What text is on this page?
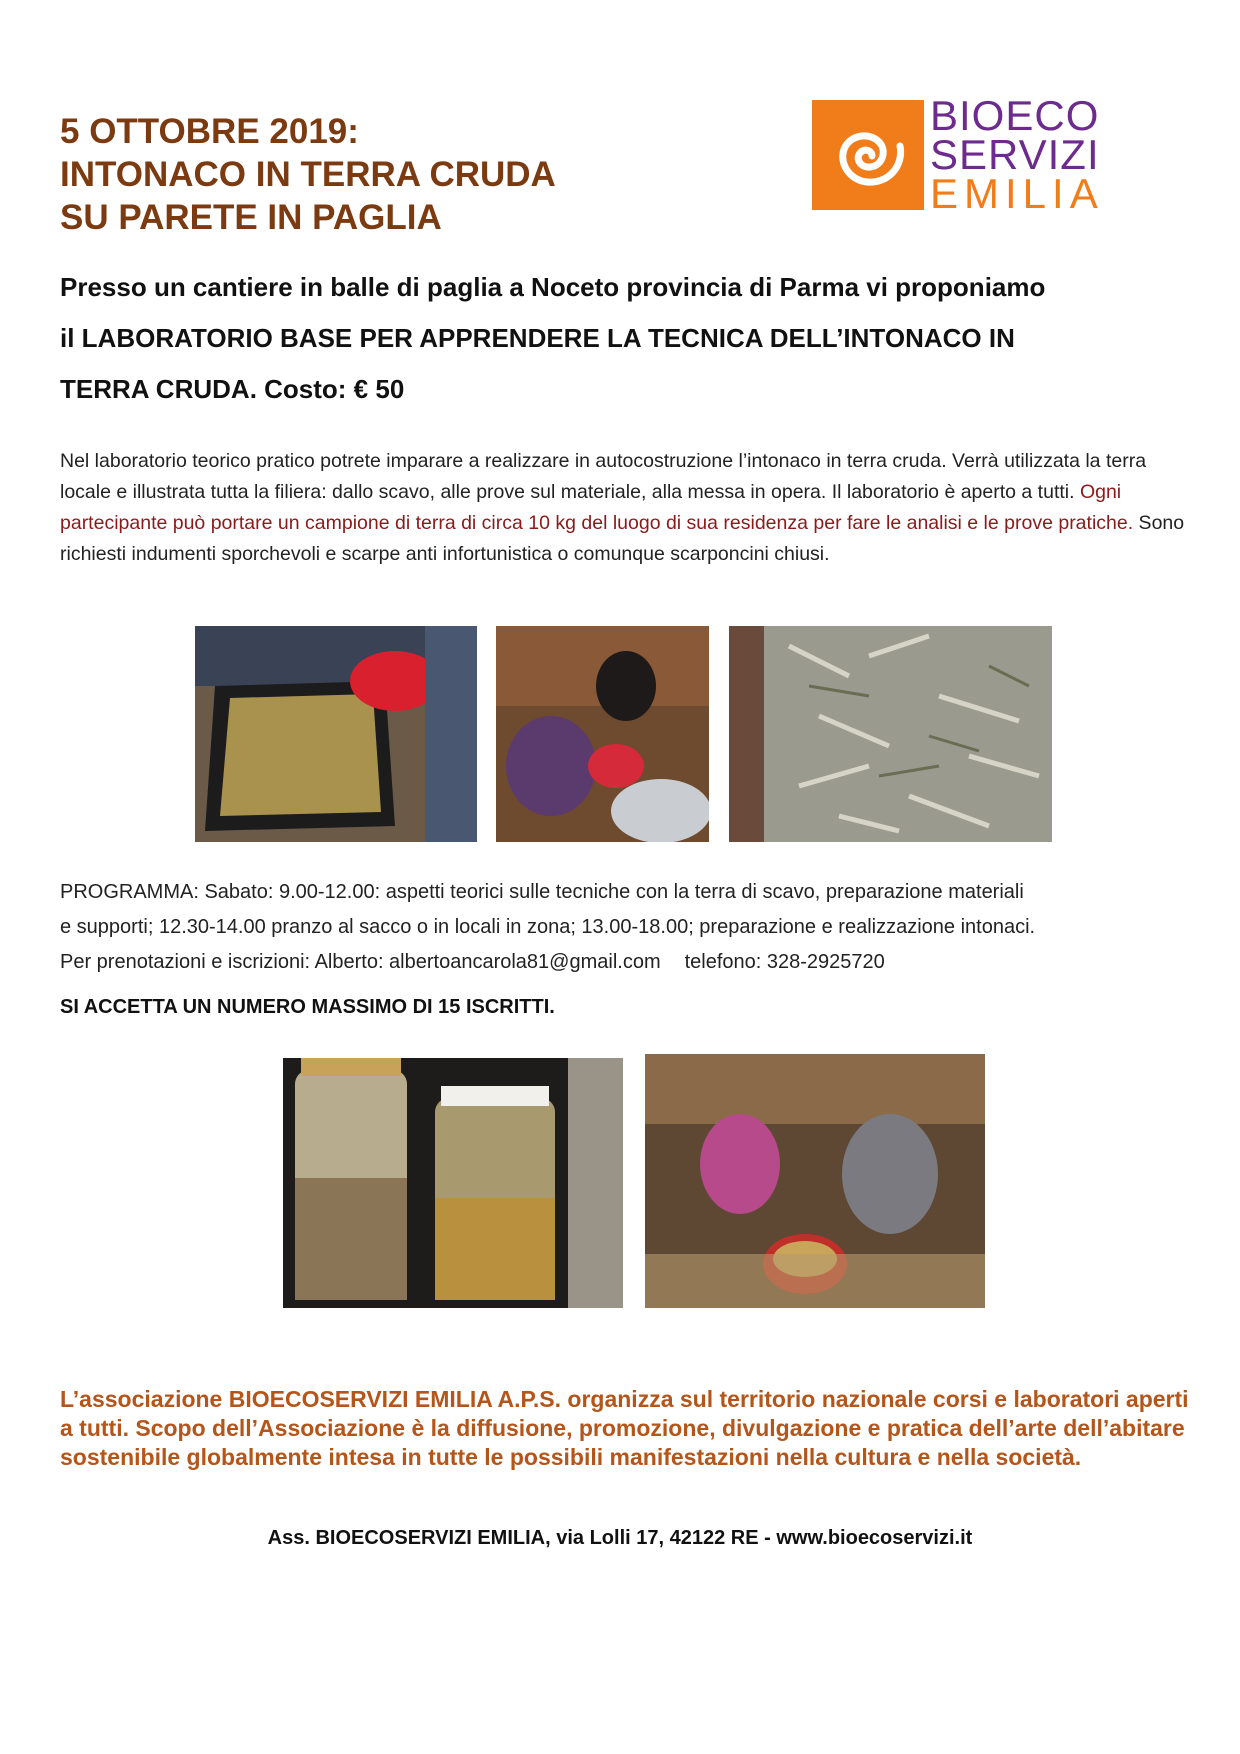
5 OTTOBRE 2019:
INTONACO IN TERRA CRUDA
SU PARETE IN PAGLIA
BIOECO
SERVIZI
EMILIA
Presso un cantiere in balle di paglia a Noceto provincia di Parma vi proponiamo
il LABORATORIO BASE PER APPRENDERE LA TECNICA DELL’INTONACO IN
TERRA CRUDA. Costo: € 50

Nel laboratorio teorico pratico potrete imparare a realizzare in autocostruzione l’intonaco in terra cruda. Verrà utilizzata la terra locale e illustrata tutta la filiera: dallo scavo, alle prove sul materiale, alla messa in opera. Il laboratorio è aperto a tutti. Ogni partecipante può portare un campione di terra di circa 10 kg del luogo di sua residenza per fare le analisi e le prove pratiche. Sono richiesti indumenti sporchevoli e scarpe anti infortunistica o comunque scarponcini chiusi.

PROGRAMMA: Sabato: 9.00-12.00: aspetti teorici sulle tecniche con la terra di scavo, preparazione materiali
e supporti; 12.30-14.00 pranzo al sacco o in locali in zona; 13.00-18.00; preparazione e realizzazione intonaci.
Per prenotazioni e iscrizioni: Alberto: albertoancarola81@gmail.com telefono: 328-2925720

SI ACCETTA UN NUMERO MASSIMO DI 15 ISCRITTI.

L’associazione BIOECOSERVIZI EMILIA A.P.S. organizza sul territorio nazionale corsi e laboratori aperti a tutti. Scopo dell’Associazione è la diffusione, promozione, divulgazione e pratica dell’arte dell’abitare sostenibile globalmente intesa in tutte le possibili manifestazioni nella cultura e nella società.

Ass. BIOECOSERVIZI EMILIA, via Lolli 17, 42122 RE - www.bioecoservizi.it
